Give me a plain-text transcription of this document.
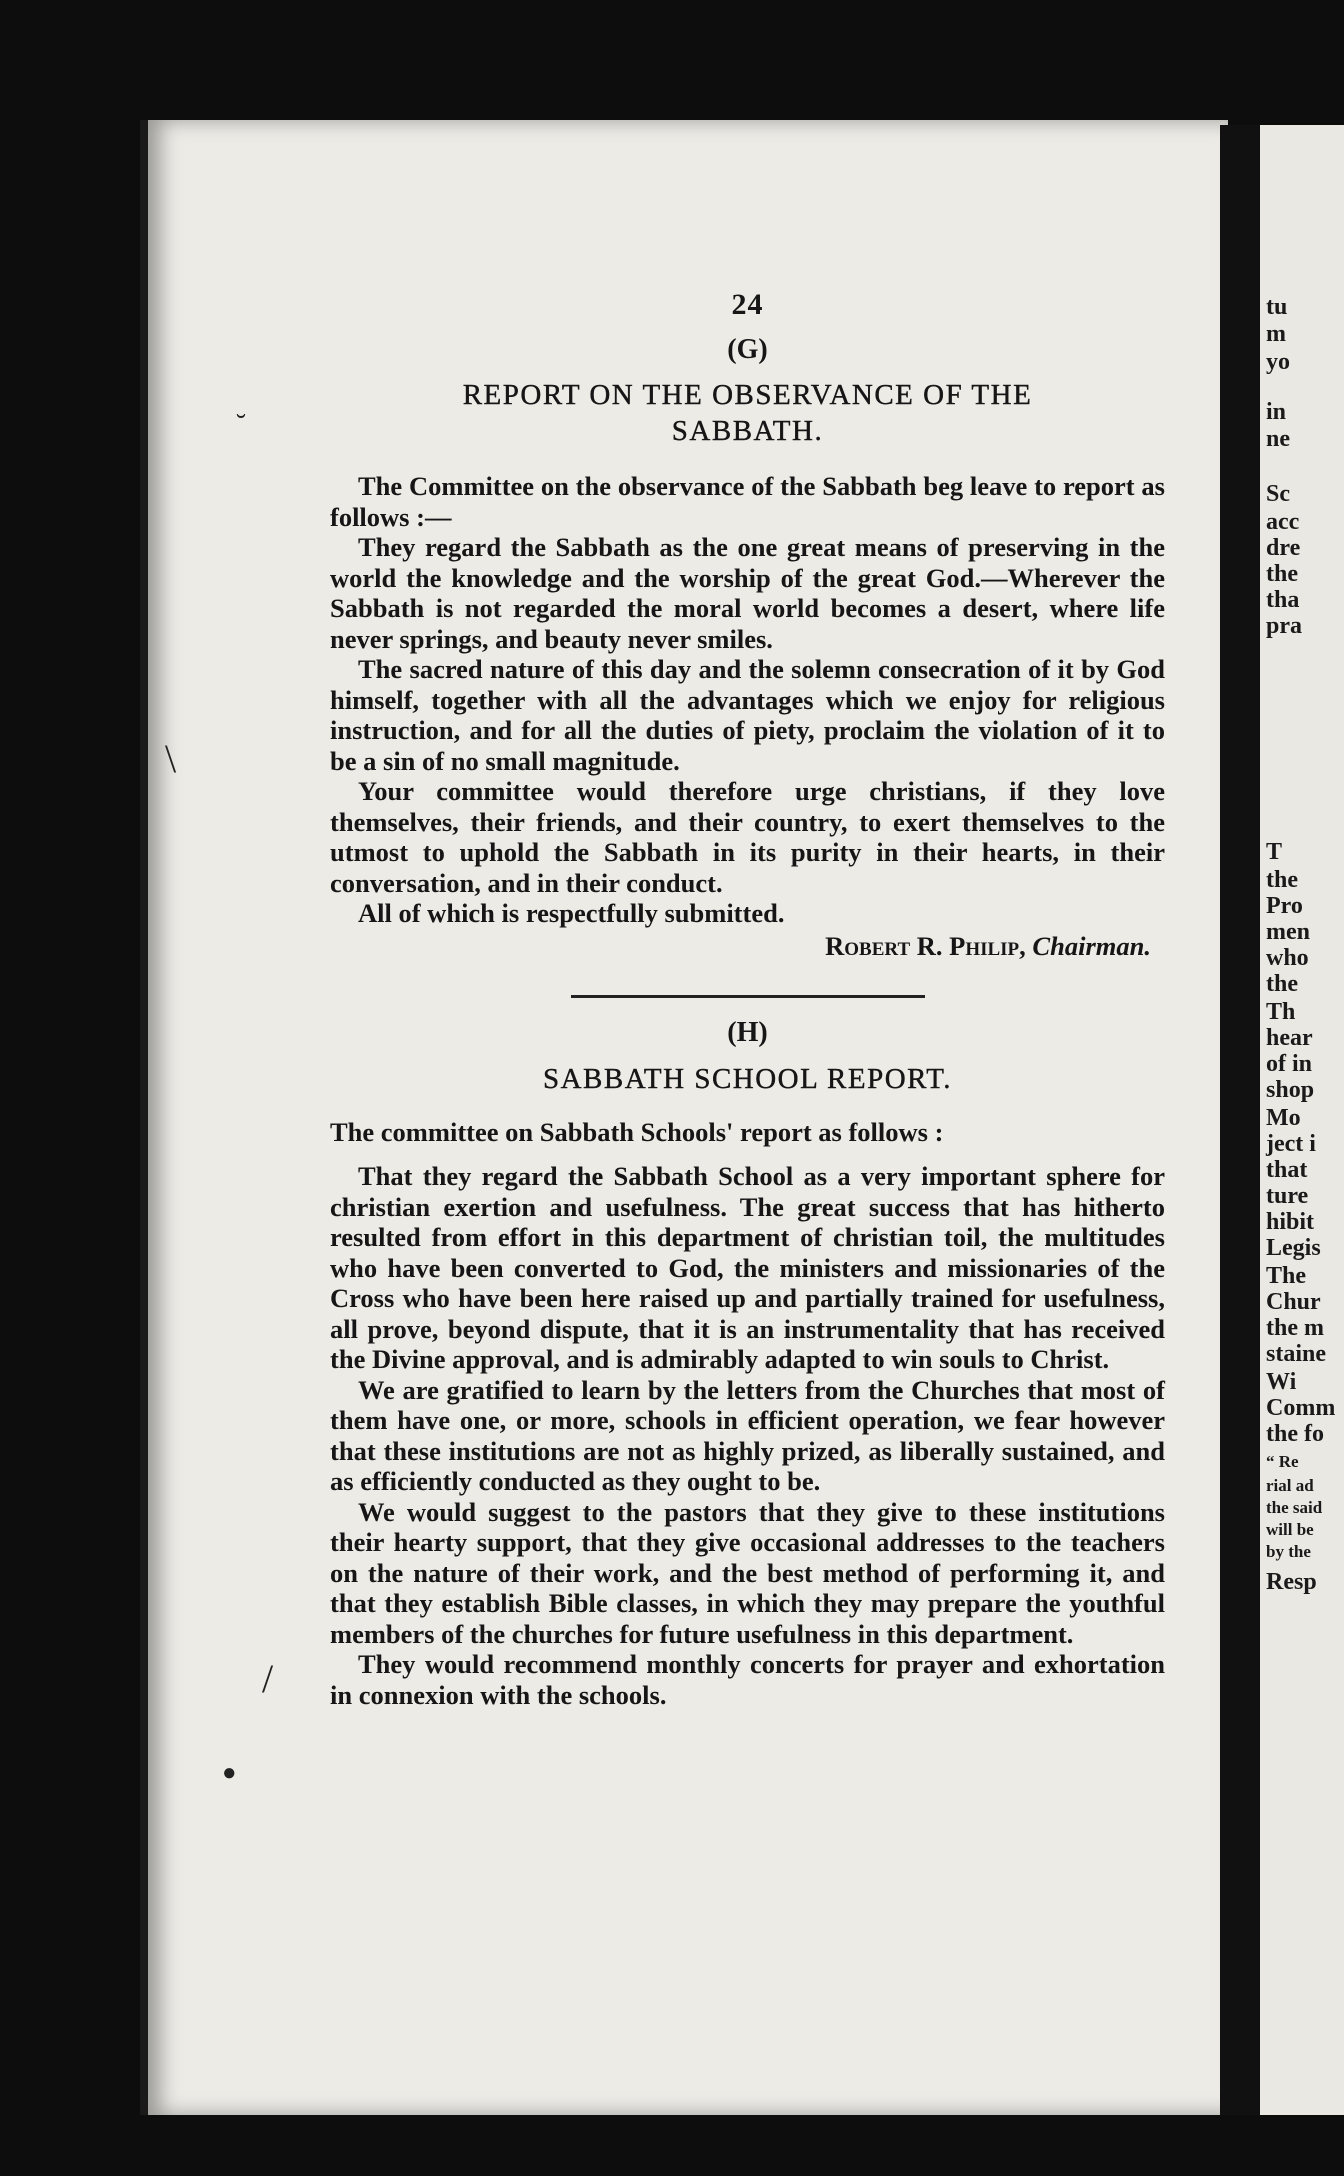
tu
m
yo
in
ne
Sc
acc
dre
the
tha
pra
T
the
Pro
men
who
the
Th
hear
of in
shop
Mo
ject i
that
ture
hibit
Legis
The
Chur
the m
staine
Wi
Comm
the fo
“ Re
rial ad
the said
will be
by the
Resp
24
(G)
REPORT ON THE OBSERVANCE OF THE
SABBATH.

The Committee on the observance of the Sabbath beg leave to report as follows :—

They regard the Sabbath as the one great means of preserving in the world the knowledge and the worship of the great God.—Wherever the Sabbath is not regarded the moral world becomes a desert, where life never springs, and beauty never smiles.

The sacred nature of this day and the solemn consecration of it by God himself, together with all the advantages which we enjoy for religious instruction, and for all the duties of piety, proclaim the violation of it to be a sin of no small magnitude.

Your committee would therefore urge christians, if they love themselves, their friends, and their country, to exert themselves to the utmost to uphold the Sabbath in its purity in their hearts, in their conversation, and in their conduct.

All of which is respectfully submitted.

Robert R. Philip, Chairman.
(H)
SABBATH SCHOOL REPORT.

The committee on Sabbath Schools' report as follows :

That they regard the Sabbath School as a very important sphere for christian exertion and usefulness. The great success that has hitherto resulted from effort in this department of christian toil, the multitudes who have been converted to God, the ministers and missionaries of the Cross who have been here raised up and partially trained for usefulness, all prove, beyond dispute, that it is an instrumentality that has received the Divine approval, and is admirably adapted to win souls to Christ.

We are gratified to learn by the letters from the Churches that most of them have one, or more, schools in efficient operation, we fear however that these institutions are not as highly prized, as liberally sustained, and as efficiently conducted as they ought to be.

We would suggest to the pastors that they give to these institutions their hearty support, that they give occasional addresses to the teachers on the nature of their work, and the best method of performing it, and that they establish Bible classes, in which they may prepare the youthful members of the churches for future usefulness in this department.

They would recommend monthly concerts for prayer and exhortation in connexion with the schools.

˘
\
/
●
